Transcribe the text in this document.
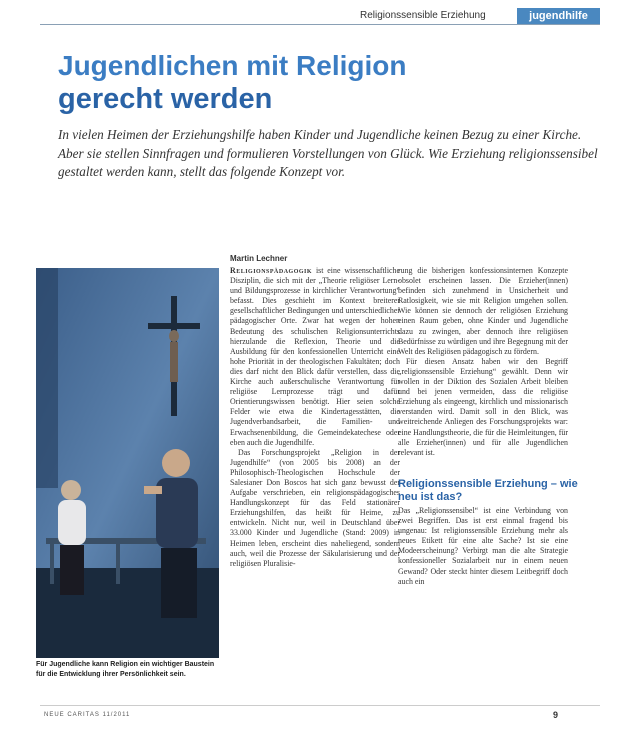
Religionssensible Erziehung	jugendhilfe
Jugendlichen mit Religion
gerecht werden
In vielen Heimen der Erziehungshilfe haben Kinder und Jugendliche keinen Bezug zu einer Kirche. Aber sie stellen Sinnfragen und formulieren Vorstellungen von Glück. Wie Erziehung religionssensibel gestaltet werden kann, stellt das folgende Konzept vor.
Martin Lechner
Für Jugendliche kann Religion ein wichtiger Baustein für die Entwicklung ihrer Persönlichkeit sein.

Religionspädagogik ist eine wissenschaftliche Disziplin, die sich mit der „Theorie religiöser Lern- und Bildungsprozesse in kirchlicher Verantwortung“ befasst. Dies geschieht im Kontext breiterer gesellschaftlicher Bedingungen und unterschiedlicher pädagogischer Orte. Zwar hat wegen der hohen Bedeutung des schulischen Religionsunterrichts hierzulande die Reflexion, Theorie und die Ausbildung für den konfessionellen Unterricht eine hohe Priorität in der theologischen Fakultäten; doch dies darf nicht den Blick dafür verstellen, dass die Kirche auch außerschulische Verantwortung für religiöse Lernprozesse trägt und dafür Orientierungswissen benötigt. Hier seien solche Felder wie etwa die Kindertagesstätten, die Jugendverbandsarbeit, die Familien- und Erwachsenenbildung, die Gemeindekatechese oder eben auch die Jugendhilfe.

Das Forschungsprojekt „Religion in der Jugendhilfe“ (von 2005 bis 2008) an der Philosophisch-Theologischen Hochschule der Salesianer Don Boscos hat sich ganz bewusst der Aufgabe verschrieben, ein religionspädagogisches Handlungskonzept für das Feld stationärer Erziehungshilfen, das heißt für Heime, zu entwickeln. Nicht nur, weil in Deutschland über 33.000 Kinder und Jugendliche (Stand: 2009) in Heimen leben, erscheint dies naheliegend, sondern auch, weil die Prozesse der Säkularisierung und der religiösen Pluralisie-

rung die bisherigen konfessionsinternen Konzepte obsolet erscheinen lassen. Die Erzieher(innen) befinden sich zunehmend in Unsicherheit und Ratlosigkeit, wie sie mit Religion umgehen sollen. Wie können sie dennoch der religiösen Erziehung einen Raum geben, ohne Kinder und Jugendliche dazu zu zwingen, aber dennoch ihre religiösen Bedürfnisse zu würdigen und ihre Begegnung mit der Welt des Religiösen pädagogisch zu fördern.

Für diesen Ansatz haben wir den Begriff „religionssensible Erziehung“ gewählt. Denn wir wollen in der Diktion des Sozialen Arbeit bleiben und bei jenen vermeiden, dass die religiöse Erziehung als eingeengt, kirchlich und missionarisch verstanden wird. Damit soll in den Blick, was weitreichende Anliegen des Forschungsprojekts war: eine Handlungstheorie, die für die Heimleitungen, für alle Erzieher(innen) und für alle Jugendlichen relevant ist.

Religionssensible Erziehung – wie neu ist das?

Das „Religionssensibel“ ist eine Verbindung von zwei Begriffen. Das ist erst einmal fragend bis ungenau: Ist religionssensible Erziehung mehr als neues Etikett für eine alte Sache? Ist sie eine Modeerscheinung? Verbirgt man die alte Strategie konfessioneller Sozialarbeit nur in einem neuen Gewand? Oder steckt hinter diesem Leitbegriff doch auch ein

NEUE CARITAS 11/2011	9
